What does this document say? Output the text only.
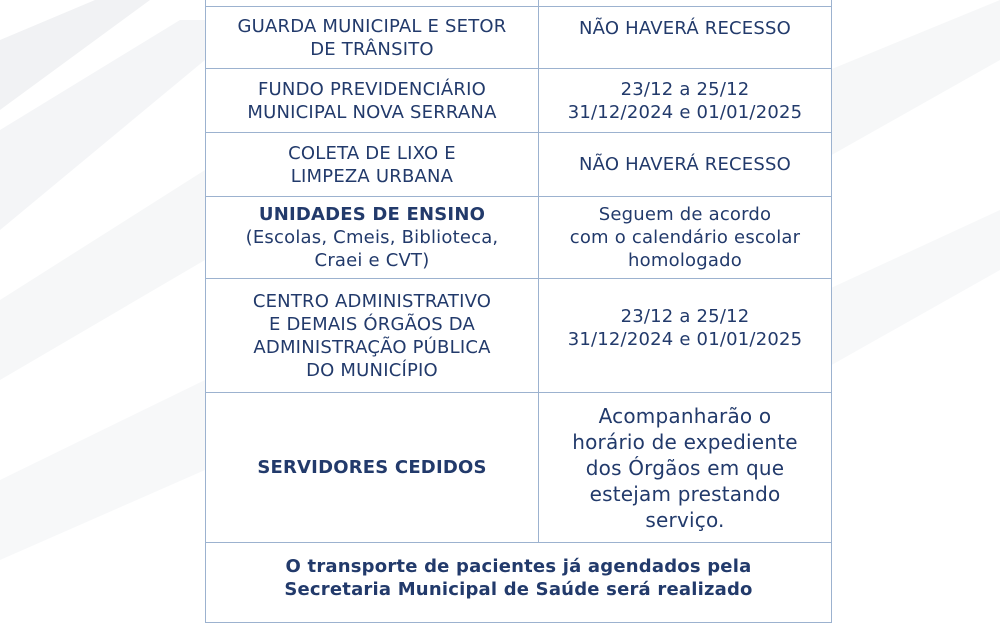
GUARDA MUNICIPAL E SETOR
DE TRÂNSITO	NÃO HAVERÁ RECESSO

FUNDO PREVIDENCIÁRIO
MUNICIPAL NOVA SERRANA	23/12 a 25/12
31/12/2024 e 01/01/2025

COLETA DE LIXO E
LIMPEZA URBANA	NÃO HAVERÁ RECESSO

UNIDADES DE ENSINO
(Escolas, Cmeis, Biblioteca,
Craei e CVT)	Seguem de acordo
com o calendário escolar
homologado

CENTRO ADMINISTRATIVO
E DEMAIS ÓRGÃOS DA
ADMINISTRAÇÃO PÚBLICA
DO MUNICÍPIO	23/12 a 25/12
31/12/2024 e 01/01/2025

SERVIDORES CEDIDOS	Acompanharão o
horário de expediente
dos Órgãos em que
estejam prestando
serviço.

O transporte de pacientes já agendados pela
Secretaria Municipal de Saúde será realizado	
